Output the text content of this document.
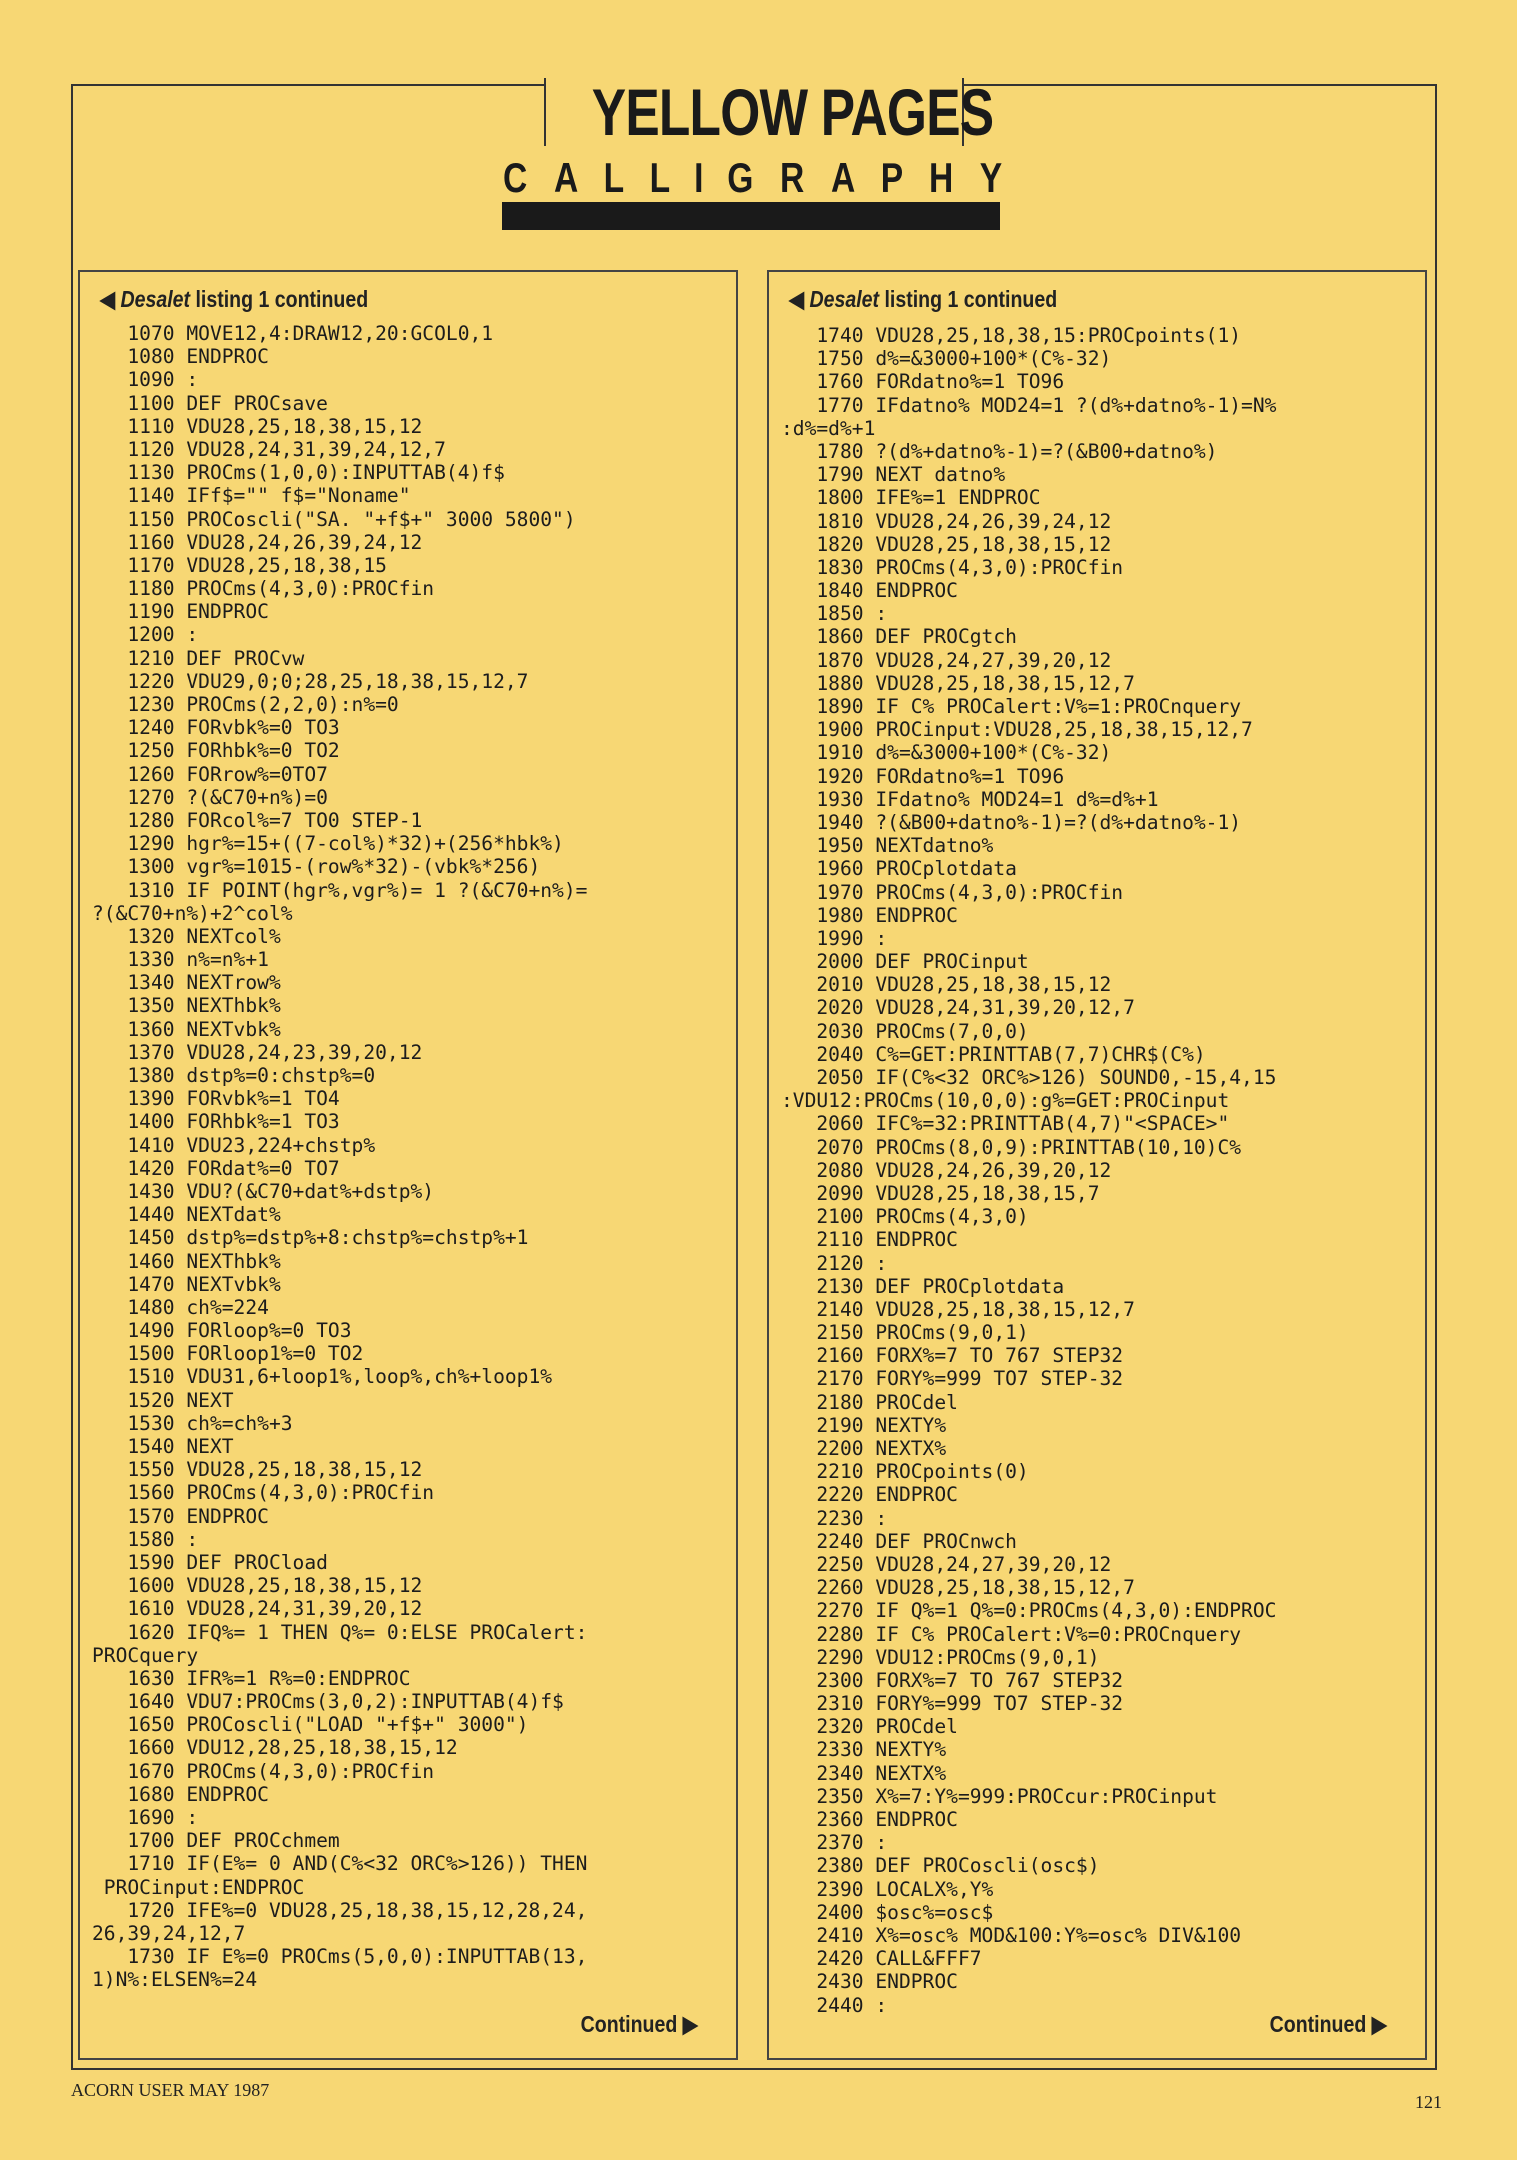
YELLOW PAGES
C A L L I G R A P H Y
◀ Desalet listing 1 continued
1070 MOVE12,4:DRAW12,20:GCOL0,1
1080 ENDPROC
1090 :
1100 DEF PROCsave
1110 VDU28,25,18,38,15,12
1120 VDU28,24,31,39,24,12,7
1130 PROCms(1,0,0):INPUTTAB(4)f$
1140 IFf$="" f$="Noname"
1150 PROCoscli("SA. "+f$+" 3000 5800")
1160 VDU28,24,26,39,24,12
1170 VDU28,25,18,38,15
1180 PROCms(4,3,0):PROCfin
1190 ENDPROC
1200 :
1210 DEF PROCvw
1220 VDU29,0;0;28,25,18,38,15,12,7
1230 PROCms(2,2,0):n%=0
1240 FORvbk%=0 TO3
1250 FORhbk%=0 TO2
1260 FORrow%=0TO7
1270 ?(&C70+n%)=0
1280 FORcol%=7 TO0 STEP-1
1290 hgr%=15+((7-col%)*32)+(256*hbk%)
1300 vgr%=1015-(row%*32)-(vbk%*256)
1310 IF POINT(hgr%,vgr%)= 1 ?(&C70+n%)=
?(&C70+n%)+2^col%
1320 NEXTcol%
1330 n%=n%+1
1340 NEXTrow%
1350 NEXThbk%
1360 NEXTvbk%
1370 VDU28,24,23,39,20,12
1380 dstp%=0:chstp%=0
1390 FORvbk%=1 TO4
1400 FORhbk%=1 TO3
1410 VDU23,224+chstp%
1420 FORdat%=0 TO7
1430 VDU?(&C70+dat%+dstp%)
1440 NEXTdat%
1450 dstp%=dstp%+8:chstp%=chstp%+1
1460 NEXThbk%
1470 NEXTvbk%
1480 ch%=224
1490 FORloop%=0 TO3
1500 FORloop1%=0 TO2
1510 VDU31,6+loop1%,loop%,ch%+loop1%
1520 NEXT
1530 ch%=ch%+3
1540 NEXT
1550 VDU28,25,18,38,15,12
1560 PROCms(4,3,0):PROCfin
1570 ENDPROC
1580 :
1590 DEF PROCload
1600 VDU28,25,18,38,15,12
1610 VDU28,24,31,39,20,12
1620 IFQ%= 1 THEN Q%= 0:ELSE PROCalert:
PROCquery
1630 IFR%=1 R%=0:ENDPROC
1640 VDU7:PROCms(3,0,2):INPUTTAB(4)f$
1650 PROCoscli("LOAD "+f$+" 3000")
1660 VDU12,28,25,18,38,15,12
1670 PROCms(4,3,0):PROCfin
1680 ENDPROC
1690 :
1700 DEF PROCchmem
1710 IF(E%= 0 AND(C%<32 ORC%>126)) THEN
PROCinput:ENDPROC
1720 IFE%=0 VDU28,25,18,38,15,12,28,24,
26,39,24,12,7
1730 IF E%=0 PROCms(5,0,0):INPUTTAB(13,
1)N%:ELSEN%=24
Continued ▶
◀ Desalet listing 1 continued
1740 VDU28,25,18,38,15:PROCpoints(1)
1750 d%=&3000+100*(C%-32)
1760 FORdatno%=1 TO96
1770 IFdatno% MOD24=1 ?(d%+datno%-1)=N%
:d%=d%+1
1780 ?(d%+datno%-1)=?(&B00+datno%)
1790 NEXT datno%
1800 IFE%=1 ENDPROC
1810 VDU28,24,26,39,24,12
1820 VDU28,25,18,38,15,12
1830 PROCms(4,3,0):PROCfin
1840 ENDPROC
1850 :
1860 DEF PROCgtch
1870 VDU28,24,27,39,20,12
1880 VDU28,25,18,38,15,12,7
1890 IF C% PROCalert:V%=1:PROCnquery
1900 PROCinput:VDU28,25,18,38,15,12,7
1910 d%=&3000+100*(C%-32)
1920 FORdatno%=1 TO96
1930 IFdatno% MOD24=1 d%=d%+1
1940 ?(&B00+datno%-1)=?(d%+datno%-1)
1950 NEXTdatno%
1960 PROCplotdata
1970 PROCms(4,3,0):PROCfin
1980 ENDPROC
1990 :
2000 DEF PROCinput
2010 VDU28,25,18,38,15,12
2020 VDU28,24,31,39,20,12,7
2030 PROCms(7,0,0)
2040 C%=GET:PRINTTAB(7,7)CHR$(C%)
2050 IF(C%<32 ORC%>126) SOUND0,-15,4,15
:VDU12:PROCms(10,0,0):g%=GET:PROCinput
2060 IFC%=32:PRINTTAB(4,7)"<SPACE>"
2070 PROCms(8,0,9):PRINTTAB(10,10)C%
2080 VDU28,24,26,39,20,12
2090 VDU28,25,18,38,15,7
2100 PROCms(4,3,0)
2110 ENDPROC
2120 :
2130 DEF PROCplotdata
2140 VDU28,25,18,38,15,12,7
2150 PROCms(9,0,1)
2160 FORX%=7 TO 767 STEP32
2170 FORY%=999 TO7 STEP-32
2180 PROCdel
2190 NEXTY%
2200 NEXTX%
2210 PROCpoints(0)
2220 ENDPROC
2230 :
2240 DEF PROCnwch
2250 VDU28,24,27,39,20,12
2260 VDU28,25,18,38,15,12,7
2270 IF Q%=1 Q%=0:PROCms(4,3,0):ENDPROC
2280 IF C% PROCalert:V%=0:PROCnquery
2290 VDU12:PROCms(9,0,1)
2300 FORX%=7 TO 767 STEP32
2310 FORY%=999 TO7 STEP-32
2320 PROCdel
2330 NEXTY%
2340 NEXTX%
2350 X%=7:Y%=999:PROCcur:PROCinput
2360 ENDPROC
2370 :
2380 DEF PROCoscli(osc$)
2390 LOCALX%,Y%
2400 $osc%=osc$
2410 X%=osc% MOD&100:Y%=osc% DIV&100
2420 CALL&FFF7
2430 ENDPROC
2440 :
Continued ▶
ACORN USER MAY 1987
121
